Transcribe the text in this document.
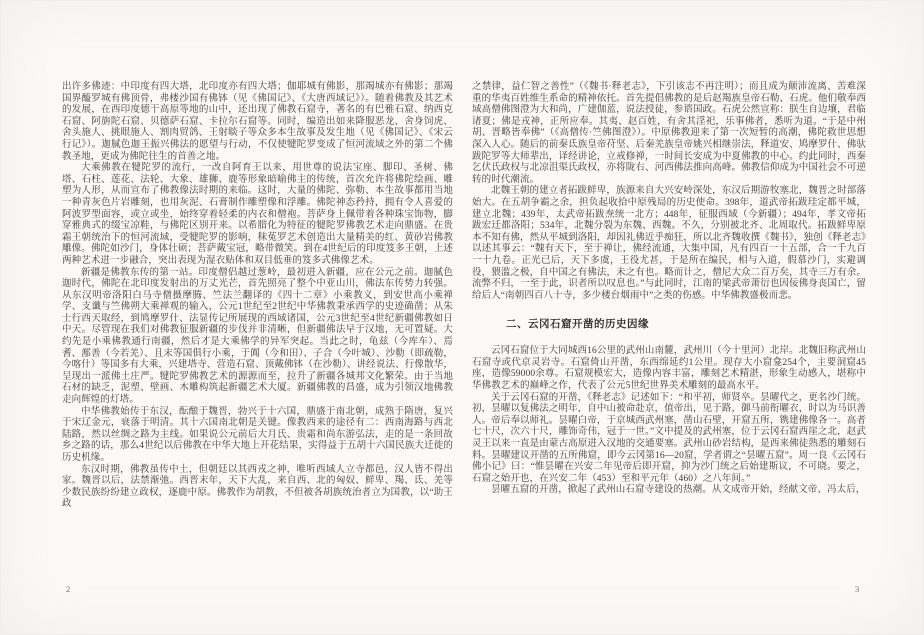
出许多佛迹：中印度有四大塔，北印度亦有四大塔；伽耶城有佛影，那竭城亦有佛影；那竭国界醯罗城有佛顶骨，弗楼沙国有佛钵（见《佛国记》、《大唐西域记》）。随着佛教及其艺术的发展，在西印度德干高原等地的山中，还出现了佛教石窟寺，著名的有巴雅石窟、纳西克石窟、阿旃陀石窟、贝德萨石窟、卡拉尔石窟等。同时，编造出如来降服恶龙、舍身饲虎、舍头施人、挑眼施人、割肉贸鸽、王射睒子等众多本生故事及发生地（见《佛国记》、《宋云行记》）。迦腻色迦王振兴佛法的愿望与行动，不仅使犍陀罗变成了恒河流域之外的第二个佛教圣地，更成为佛陀往生的首善之地。

大乘佛教在犍陀罗的流行，一改自阿育王以来，用世尊的说法宝座、脚印、圣树、佛塔、石柱、莲花、法轮、大象、雄狮、鹿等形象暗喻佛主的传统，首次允许将佛陀绘画、雕塑为人形，从而宣布了佛教像法时期的来临。这时，大量的佛陀、弥勒、本生故事都用当地一种青灰色片岩雕刻，也用灰泥、石膏制作雕塑像和浮雕。佛陀神态矜持，拥有令人喜爱的阿波罗型面容，或立或坐，始终穿着轻柔的内衣和僧袍。菩萨身上佩带着各种珠宝饰物，脚穿雅典式的缀宝凉鞋，与佛陀区别开来。以希腊化为特征的犍陀罗佛教艺术走向鼎盛。在贵霜王朝统治下的恒河流域，受犍陀罗的影响，秣菟罗艺术创造出大量精美的红、黄砂岩佛教雕像。佛陀如沙门，身体壮硕；菩萨戴宝冠，略带微笑。到在4世纪后的印度笈多王朝，上述两种艺术进一步融合，突出表现为湿衣贴体和双目低垂的笈多式佛像艺术。

新疆是佛教东传的第一站。印度僧侣越过葱岭，最初进入新疆，应在公元之前。迦腻色迦时代，佛陀在北印度发射出的万丈光芒，首先照亮了整个中亚山川，佛法东传势力转强。从东汉明帝洛阳白马寺僧摄摩腾、竺法兰翻译的《四十二章》小乘教义，到安世高小乘禅学、支谶与竺佛朔大乘禅观的输入，公元1世纪至2世纪中华佛教秉承西学的史迹确凿；从朱士行西天取经，到鸠摩罗什、法显传记所展现的西域诸国，公元3世纪至4世纪新疆佛教如日中天。尽管现在我们对佛教征服新疆的步伐并非清晰，但新疆佛法早于汉地，无可置疑。大约先是小乘佛教通行南疆，然后才是大乘佛学的异军突起。当此之时，龟兹（今库车）、焉耆、鄯善（今若羌）、且末等国俱行小乘，于阗（今和田）、子合（今叶城）、沙勒（即疏勒，今喀什）等国多有大乘，兴建塔寺、营造石窟、顶戴佛钵（在沙勒）、讲经说法、行像散华，呈现出一派佛土庄严。犍陀罗佛教艺术的源源而至，拉升了新疆各城邦文化繁荣。由于当地石材的缺乏，泥塑、壁画、木雕构筑起新疆艺术大厦。新疆佛教的昌盛，成为引领汉地佛教走向辉煌的灯塔。

中华佛教始传于东汉，酝酿于魏晋，勃兴于十六国，鼎盛于南北朝，成熟于隋唐，复兴于宋辽金元，衰落于明清。其十六国南北朝是关键。像教西来的途径有二：西南海路与西北陆路，然以丝绸之路为主线。如果说公元前后大月氏、贵霜和尚东游弘法，走的是一条回故乡之路的话，那么4世纪以后佛教在中华大地上开花结果，实得益于五胡十六国民族大迁徙的历史机缘。

东汉时期，佛教虽传中土，但朝廷以其西戎之神，唯听西域人立寺都邑，汉人皆不得出家。魏晋以后，法禁渐弛。西晋末年，天下大乱，来自西、北的匈奴、鲜卑、羯、氐、羌等少数民族纷纷建立政权，逐鹿中原。佛教作为胡教，不但被各胡族统治者立为国教，以“助王政

2

之禁律，益仁智之善性”（《魏书·释老志》，下引该志不再注明）；而且成为颠沛流离、苦难深重的华夷百姓维生系命的精神依托。首先提倡佛教的是后赵羯族皇帝石勒、石虎。他们敬奉西域高僧佛图澄为大和尚，广建伽蓝，说法授徒，参谘国政。石虎公然宣称：朕生自边壤，君临诸夏；佛是戎神，正所应奉。其夷、赵百姓，有舍其淫祀，乐事佛者，悉听为道。“于是中州胡、晋略皆奉佛”（《高僧传·竺佛图澄》）。中原佛教迎来了第一次短暂的高潮，佛陀救世思想深入人心。随后的前秦氐族皇帝苻坚、后秦羌族皇帝姚兴相继崇法，释道安、鸠摩罗什、佛驮跋陀罗等大师辈出，译经讲论，立戒修禅，一时间长安成为中夏佛教的中心。约此同时，西秦乞伏氏政权与北凉沮渠氏政权，亦将陇右、河西佛法推向高峰。佛教信仰成为中国社会不可逆转的时代潮流。

北魏王朝的建立者拓跋鲜卑，族源来自大兴安岭深处，东汉后期游牧塞北，魏晋之时部落始大。在五胡争霸之余，担负起收拾中原残局的历史使命。398年，道武帝拓跋珪定都平城，建立北魏；439年，太武帝拓跋焘统一北方；448年，征服西域（今新疆）；494年，孝文帝拓跋宏迁都洛阳；534年，北魏分裂为东魏、西魏。不久，分别被北齐、北周取代。拓跋鲜卑原本不知有佛，然从平城到洛阳，却因礼佛近乎痴狂，所以北齐魏收撰《魏书》，独创《释老志》以述其事云：“魏有天下，至于禅让，佛经流通，大集中国，凡有四百一十五部，合一千九百一十九卷。正光已后，天下多虞，王役尤甚，于是所在编民，相与入道，假慕沙门，实避调役，猥滥之极，自中国之有佛法，未之有也。略而计之，僧尼大众二百万矣，其寺三万有余。流弊不归，一至于此，识者所以叹息也。”与此同时，江南的梁武帝萧衍也因佞佛身丧国亡，留给后人“南朝四百八十寺，多少楼台烟雨中”之类的伤感。中华佛教盛极而悲。

二、云冈石窟开凿的历史因缘

云冈石窟位于大同城西16公里的武州山南麓，武州川（今十里河）北岸。北魏旧称武州山石窟寺或代京灵岩寺。石窟倚山开凿，东西绵延约1公里。现存大小窟龛254个，主要洞窟45座，造像59000余尊。石窟规模宏大，造像内容丰富，雕刻艺术精湛，形象生动感人，堪称中华佛教艺术的巅峰之作，代表了公元5世纪世界美术雕刻的最高水平。

关于云冈石窟的开凿，《释老志》记述如下：“和平初，师贤卒。昙曜代之，更名沙门统。初，昙曜以复佛法之明年，自中山被命赴京，值帝出，见于路，御马前衔曜衣，时以为马识善人。帝后奉以师礼。昙曜白帝，于京城西武州塞，凿山石壁，开窟五所，镌建佛像各一。高者七十尺，次六十尺，雕饰奇伟，冠于一世。”文中提及的武州塞，位于云冈石窟西崖之北，赵武灵王以来一直是由蒙古高原进入汉地的交通要塞。武州山砂岩结构，是西来佛徒熟悉的雕刻石料。昙曜建议开凿的五所佛窟，即今云冈第16—20窟，学者谓之“昙曜五窟”。周一良《云冈石佛小记》曰：“惟昙曜在兴安二年见帝后即开窟，抑为沙门统之后始建斯议，不可晓。要之，石窟之始开也，在兴安二年（453）至和平元年（460）之八年间。”

昙曜五窟的开凿，掀起了武州山石窟寺建设的热潮。从文成帝开始，经献文帝、冯太后，

3
